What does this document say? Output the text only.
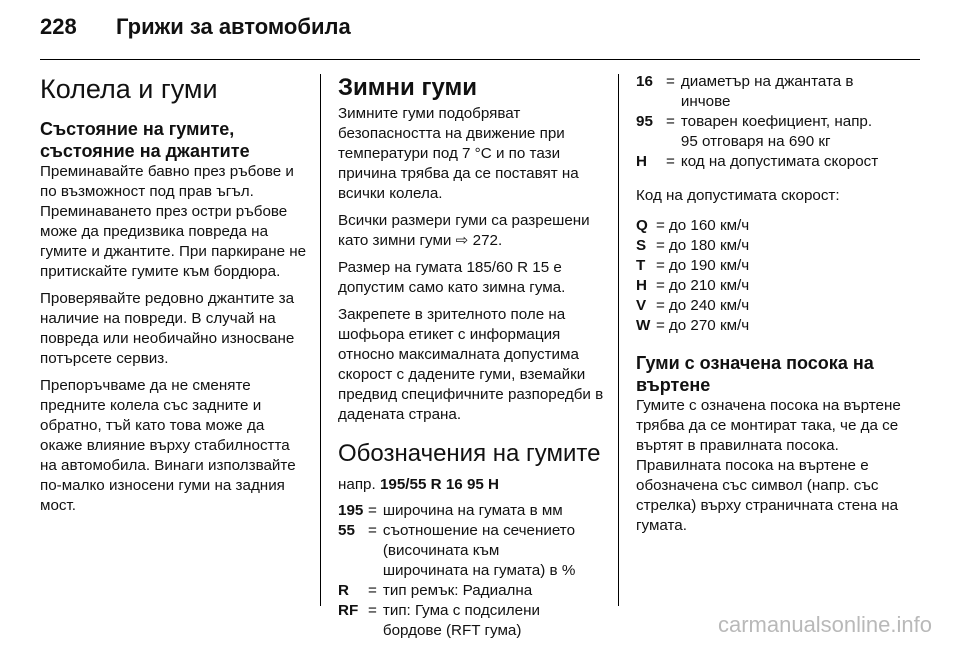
228 Грижи за автомобила
Колела и гуми
Състояние на гумите, състояние на джантите

Преминавайте бавно през ръбове и по възможност под прав ъгъл. Преминаването през остри ръбове може да предизвика повреда на гумите и джантите. При паркиране не притискайте гумите към бордюра.

Проверявайте редовно джантите за наличие на повреди. В случай на повреда или необичайно износване потърсете сервиз.

Препоръчваме да не сменяте предните колела със задните и обратно, тъй като това може да окаже влияние върху стабилността на автомобила. Винаги използвайте по-малко износени гуми на задния мост.

Зимни гуми

Зимните гуми подобряват безопасността на движение при температури под 7 °C и по тази причина трябва да се поставят на всички колела.

Всички размери гуми са разрешени като зимни гуми ⇨ 272.

Размер на гумата 185/60 R 15 е допустим само като зимна гума.

Закрепете в зрителното поле на шофьора етикет с информация относно максималната допустима скорост с дадените гуми, вземайки предвид специфичните разпоредби в дадената страна.

Обозначения на гумите

напр. 195/55 R 16 95 H

195 = широчина на гумата в мм
55 = съотношение на сечението
(височината към
широчината на гумата) в %
R	= тип ремък: Радиална
RF = тип: Гума с подсилени
бордове (RFT гума)
16 = диаметър на джантата в
инчове
95 = товарен коефициент, напр.
95 отговаря на 690 кг
H	= код на допустимата скорост

Код на допустимата скорост:

Q = до 160 км/ч
S = до 180 км/ч
T = до 190 км/ч
H = до 210 км/ч
V = до 240 км/ч
W = до 270 км/ч
Гуми с означена посока на въртене

Гумите с означена посока на въртене трябва да се монтират така, че да се въртят в правилната посока. Правилната посока на въртене е обозначена със символ (напр. със стрелка) върху страничната стена на гумата.

carmanualsonline.info
